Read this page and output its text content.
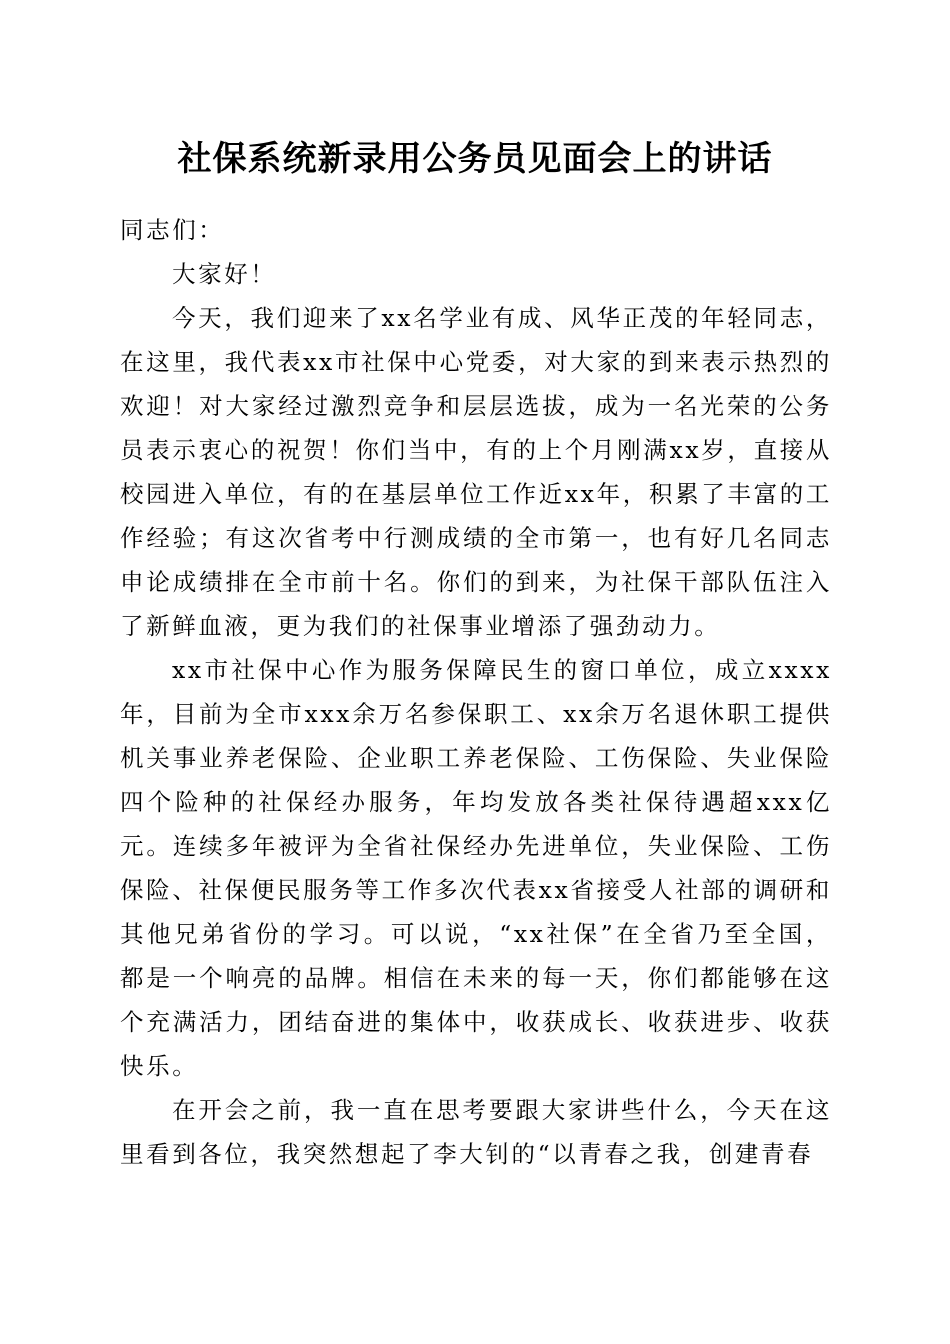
社保系统新录用公务员见面会上的讲话

同志们：

大家好！

今天，我们迎来了xx名学业有成、风华正茂的年轻同志，在这里，我代表xx市社保中心党委，对大家的到来表示热烈的欢迎！对大家经过激烈竞争和层层选拔，成为一名光荣的公务员表示衷心的祝贺！你们当中，有的上个月刚满xx岁，直接从校园进入单位，有的在基层单位工作近xx年，积累了丰富的工作经验；有这次省考中行测成绩的全市第一，也有好几名同志申论成绩排在全市前十名。你们的到来，为社保干部队伍注入了新鲜血液，更为我们的社保事业增添了强劲动力。

xx市社保中心作为服务保障民生的窗口单位，成立xxxx年，目前为全市xxx余万名参保职工、xx余万名退休职工提供机关事业养老保险、企业职工养老保险、工伤保险、失业保险四个险种的社保经办服务，年均发放各类社保待遇超xxx亿元。连续多年被评为全省社保经办先进单位，失业保险、工伤保险、社保便民服务等工作多次代表xx省接受人社部的调研和其他兄弟省份的学习。可以说，“xx社保”在全省乃至全国，都是一个响亮的品牌。相信在未来的每一天，你们都能够在这个充满活力，团结奋进的集体中，收获成长、收获进步、收获快乐。

在开会之前，我一直在思考要跟大家讲些什么，今天在这里看到各位，我突然想起了李大钊的“以青春之我，创建青春
